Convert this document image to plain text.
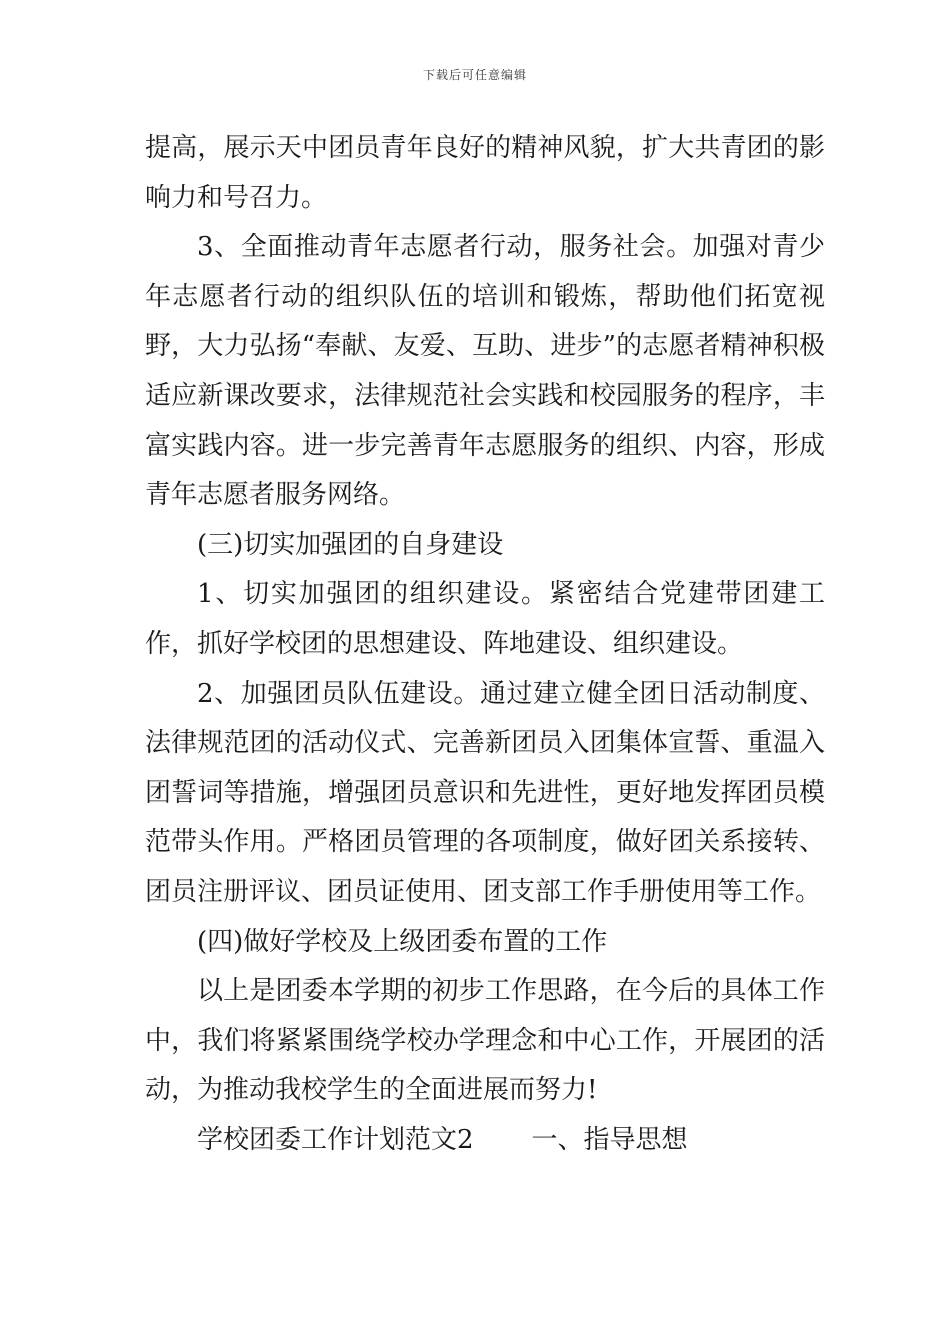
下载后可任意编辑

提高，展示天中团员青年良好的精神风貌，扩大共青团的影响力和号召力。

3、全面推动青年志愿者行动，服务社会。加强对青少年志愿者行动的组织队伍的培训和锻炼，帮助他们拓宽视野，大力弘扬“奉献、友爱、互助、进步”的志愿者精神积极适应新课改要求，法律规范社会实践和校园服务的程序，丰富实践内容。进一步完善青年志愿服务的组织、内容，形成青年志愿者服务网络。

(三)切实加强团的自身建设

1、切实加强团的组织建设。紧密结合党建带团建工作，抓好学校团的思想建设、阵地建设、组织建设。

2、加强团员队伍建设。通过建立健全团日活动制度、法律规范团的活动仪式、完善新团员入团集体宣誓、重温入团誓词等措施，增强团员意识和先进性，更好地发挥团员模范带头作用。严格团员管理的各项制度，做好团关系接转、团员注册评议、团员证使用、团支部工作手册使用等工作。

(四)做好学校及上级团委布置的工作

以上是团委本学期的初步工作思路，在今后的具体工作中，我们将紧紧围绕学校办学理念和中心工作，开展团的活动，为推动我校学生的全面进展而努力!

学校团委工作计划范文2 一、指导思想
